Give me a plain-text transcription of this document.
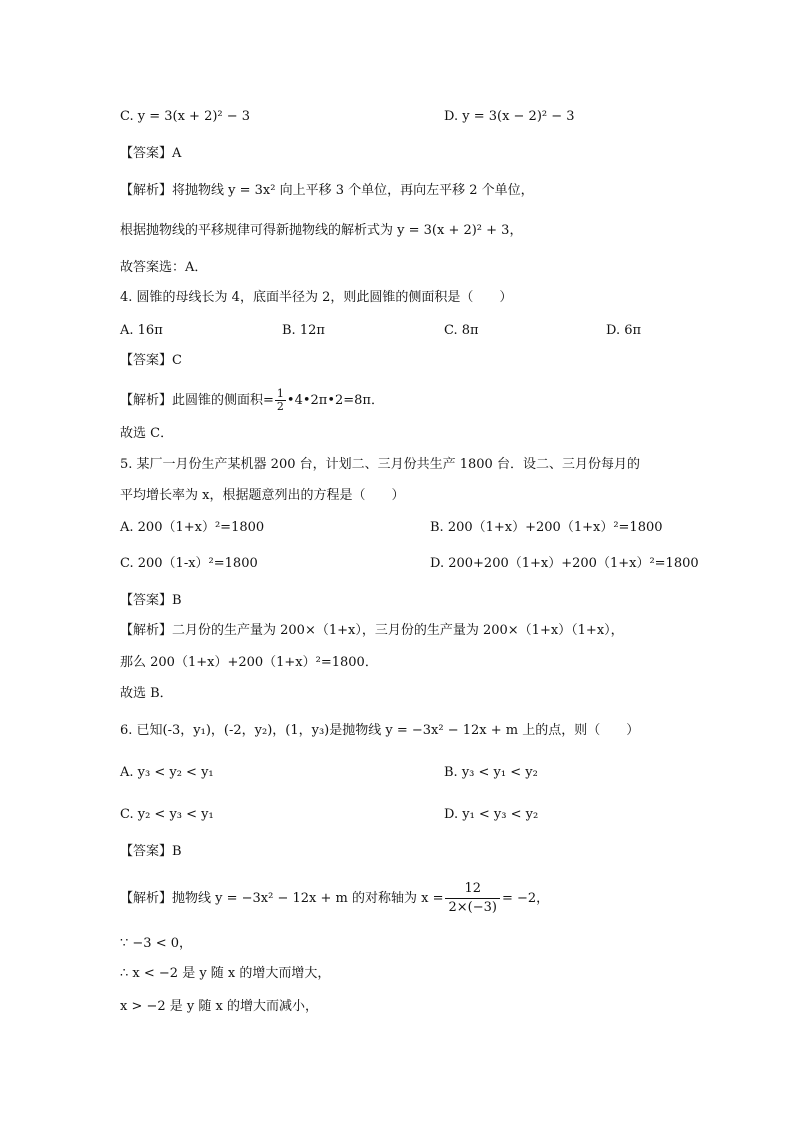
C. y = 3(x + 2)² − 3	D. y = 3(x − 2)² − 3
【答案】A
【解析】将抛物线 y = 3x² 向上平移 3 个单位，再向左平移 2 个单位，
根据抛物线的平移规律可得新抛物线的解析式为 y = 3(x + 2)² + 3，
故答案选：A．
4. 圆锥的母线长为 4，底面半径为 2，则此圆锥的侧面积是（　　）
A. 16π	B. 12π	C. 8π	D. 6π
【答案】C
【解析】此圆锥的侧面积= $\frac{1}{2}$ •4•2π•2=8π．
故选 C．
5. 某厂一月份生产某机器 200 台，计划二、三月份共生产 1800 台．设二、三月份每月的
平均增长率为 x，根据题意列出的方程是（　　）
A. 200（1+x）²=1800	B. 200（1+x）+200（1+x）²=1800
C. 200（1-x）²=1800	D. 200+200（1+x）+200（1+x）²=1800
【答案】B
【解析】二月份的生产量为 200×（1+x），三月份的生产量为 200×（1+x）（1+x），
那么 200（1+x）+200（1+x）²=1800．
故选 B．
6. 已知(-3，y₁)，(-2，y₂)，(1，y₃)是抛物线 y = −3x² − 12x + m 上的点，则（　　）
A. y₃ < y₂ < y₁	B. y₃ < y₁ < y₂
C. y₂ < y₃ < y₁	D. y₁ < y₃ < y₂
【答案】B
【解析】抛物线 y = −3x² − 12x + m 的对称轴为 $x = \frac{12}{2\times(-3)} = -2$，
∵ −3 < 0，
∴ x < −2 是 y 随 x 的增大而增大，
x > −2 是 y 随 x 的增大而减小，
